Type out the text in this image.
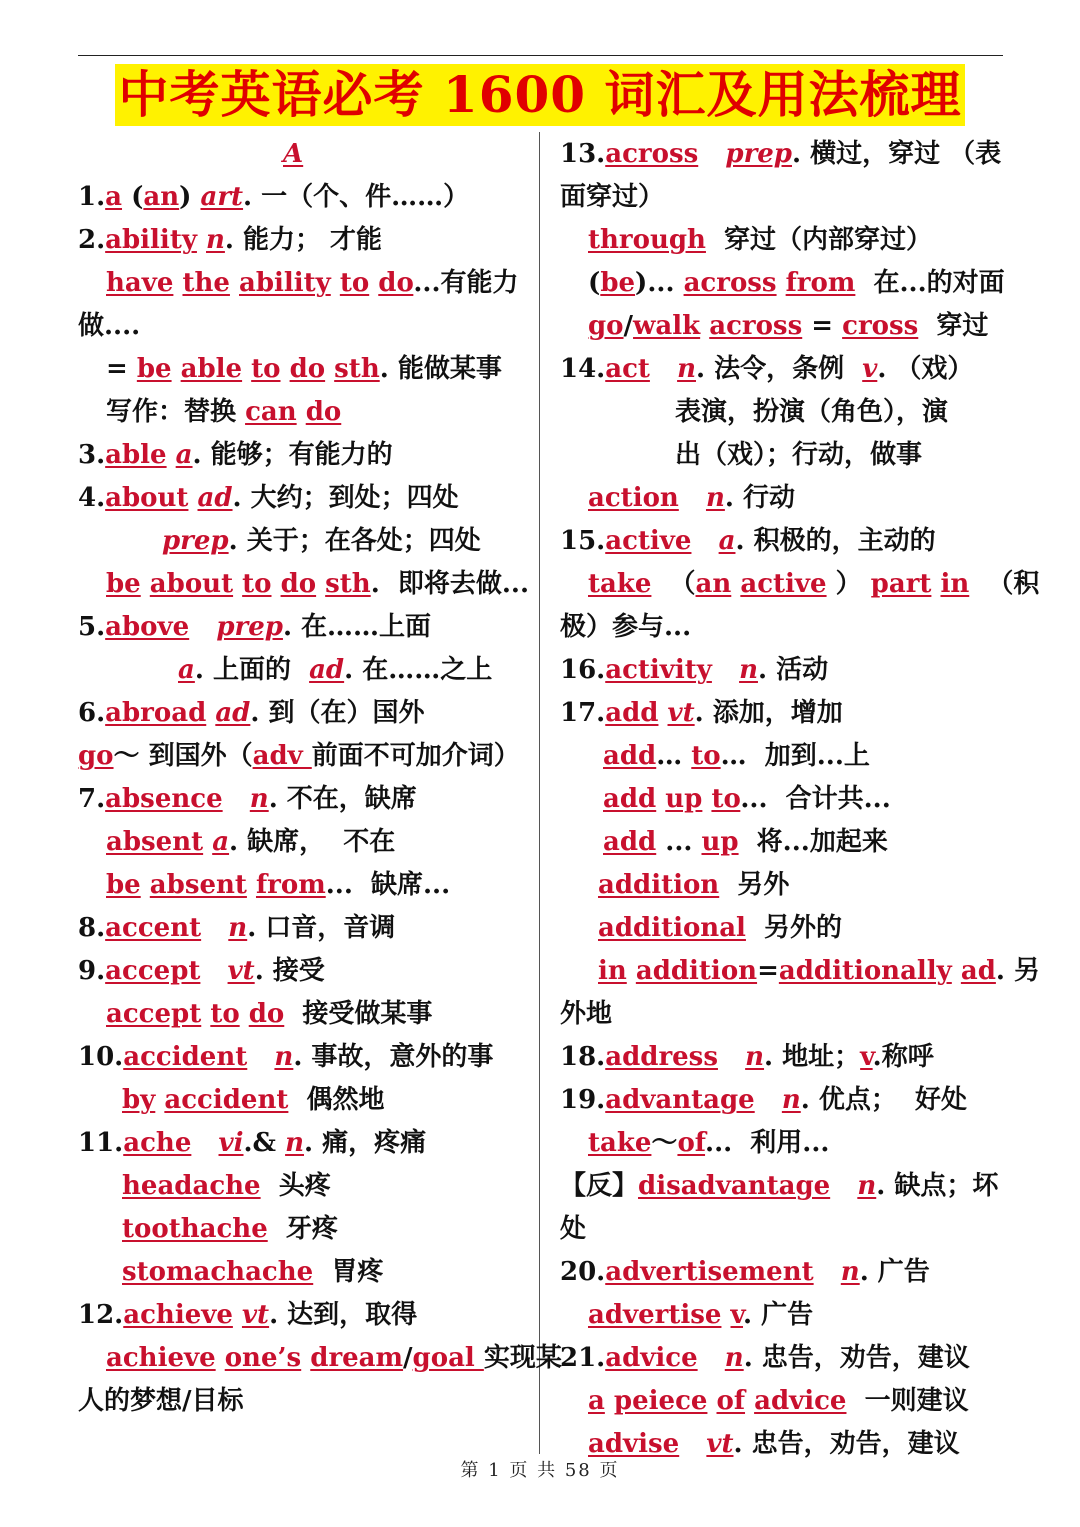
中考英语必考 1600 词汇及用法梳理
A
1.a (an) art. 一（个、件……）
2.ability n. 能力； 才能
have the ability to do...有能力
做....
= be able to do sth. 能做某事
写作：替换 can do
3.able a. 能够；有能力的
4.about ad. 大约；到处；四处
prep. 关于；在各处；四处
be about to do sth.  即将去做...
5.above prep. 在……上面
a. 上面的  ad. 在……之上
6.abroad ad. 到（在）国外
go～ 到国外（adv 前面不可加介词）
7.absence n. 不在，缺席
absent a. 缺席，  不在
be absent from...  缺席...
8.accent n. 口音，音调
9.accept vt. 接受
accept to do  接受做某事
10.accident n. 事故，意外的事
by accident  偶然地
11.ache vi.& n. 痛，疼痛
headache  头疼
toothache  牙疼
stomachache  胃疼
12.achieve vt. 达到，取得
achieve one’s dream/goal 实现某
人的梦想/目标
13.across prep. 横过，穿过 （表
面穿过）
through  穿过（内部穿过）
(be)... across from  在...的对面
go/walk across = cross  穿过
14.act n. 法令，条例  v. （戏）
表演，扮演（角色），演
出（戏）；行动，做事
action n. 行动
15.active a. 积极的，主动的
take  （an active ） part in  （积
极）参与...
16.activity n. 活动
17.add vt. 添加，增加
add… to…  加到...上
add up to...  合计共...
add ... up  将...加起来
addition  另外
additional  另外的
in addition=additionally ad. 另
外地
18.address n. 地址；v.称呼
19.advantage n. 优点；  好处
take～of...  利用...
【反】disadvantage n. 缺点；坏
处
20.advertisement n. 广告
advertise v. 广告
21.advice n. 忠告，劝告，建议
a peiece of advice  一则建议
advise vt. 忠告，劝告，建议
第 1 页 共 58 页
